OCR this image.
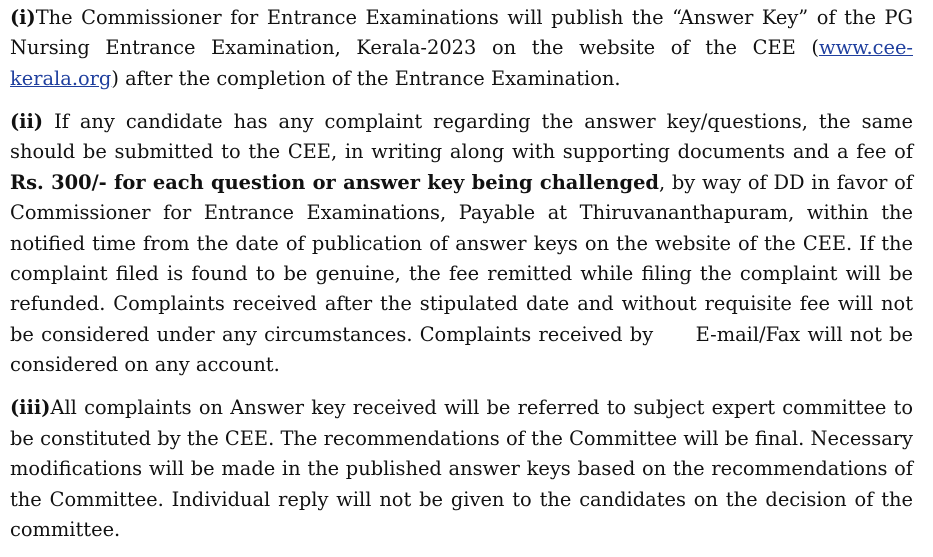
(i)The Commissioner for Entrance Examinations will publish the “Answer Key” of the PG Nursing Entrance Examination, Kerala-2023 on the website of the CEE (www.cee-kerala.org) after the completion of the Entrance Examination.

(ii) If any candidate has any complaint regarding the answer key/questions, the same should be submitted to the CEE, in writing along with supporting documents and a fee of Rs. 300/- for each question or answer key being challenged, by way of DD in favor of Commissioner for Entrance Examinations, Payable at Thiruvananthapuram, within the notified time from the date of publication of answer keys on the website of the CEE. If the complaint filed is found to be genuine, the fee remitted while filing the complaint will be refunded. Complaints received after the stipulated date and without requisite fee will not be considered under any circumstances. Complaints received by E-mail/Fax will not be considered on any account.

(iii)All complaints on Answer key received will be referred to subject expert committee to be constituted by the CEE. The recommendations of the Committee will be final. Necessary modifications will be made in the published answer keys based on the recommendations of the Committee. Individual reply will not be given to the candidates on the decision of the committee.
